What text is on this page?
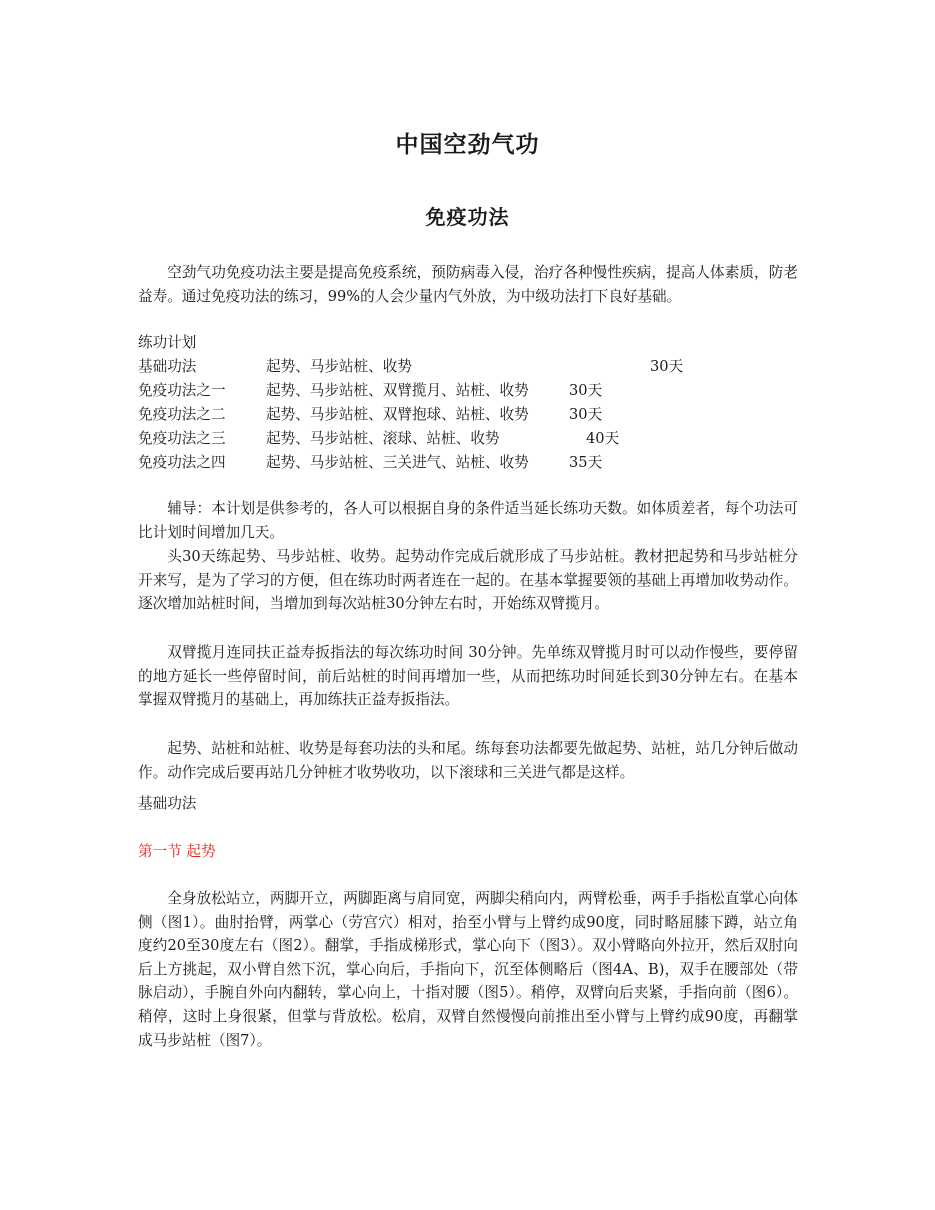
中国空劲气功
免疫功法

空劲气功免疫功法主要是提高免疫系统，预防病毒入侵，治疗各种慢性疾病，提高人体素质，防老益寿。通过免疫功法的练习，99%的人会少量内气外放，为中级功法打下良好基础。

练功计划

基础功法	起势、马步站桩、收势	30天
免疫功法之一	起势、马步站桩、双臂揽月、站桩、收势	30天
免疫功法之二	起势、马步站桩、双臂抱球、站桩、收势	30天
免疫功法之三	起势、马步站桩、滚球、站桩、收势	40天
免疫功法之四	起势、马步站桩、三关进气、站桩、收势	35天

辅导：本计划是供参考的，各人可以根据自身的条件适当延长练功天数。如体质差者，每个功法可比计划时间增加几天。

头30天练起势、马步站桩、收势。起势动作完成后就形成了马步站桩。教材把起势和马步站桩分开来写，是为了学习的方便，但在练功时两者连在一起的。在基本掌握要领的基础上再增加收势动作。逐次增加站桩时间，当增加到每次站桩30分钟左右时，开始练双臂揽月。

双臂揽月连同扶正益寿扳指法的每次练功时间 30分钟。先单练双臂揽月时可以动作慢些，要停留的地方延长一些停留时间，前后站桩的时间再增加一些，从而把练功时间延长到30分钟左右。在基本掌握双臂揽月的基础上，再加练扶正益寿扳指法。

起势、站桩和站桩、收势是每套功法的头和尾。练每套功法都要先做起势、站桩，站几分钟后做动作。动作完成后要再站几分钟桩才收势收功，以下滚球和三关进气都是这样。

基础功法

第一节 起势

全身放松站立，两脚开立，两脚距离与肩同宽，两脚尖稍向内，两臂松垂，两手手指松直掌心向体侧（图1）。曲肘抬臂，两掌心（劳宫穴）相对，抬至小臂与上臂约成90度，同时略屈膝下蹲，站立角度约20至30度左右（图2）。翻掌，手指成梯形式，掌心向下（图3）。双小臂略向外拉开，然后双肘向后上方挑起，双小臂自然下沉，掌心向后，手指向下，沉至体侧略后（图4A、B)，双手在腰部处（带脉启动），手腕自外向内翻转，掌心向上，十指对腰（图5）。稍停，双臂向后夹紧，手指向前（图6）。稍停，这时上身很紧，但掌与背放松。松肩，双臂自然慢慢向前推出至小臂与上臂约成90度，再翻掌成马步站桩（图7）。
